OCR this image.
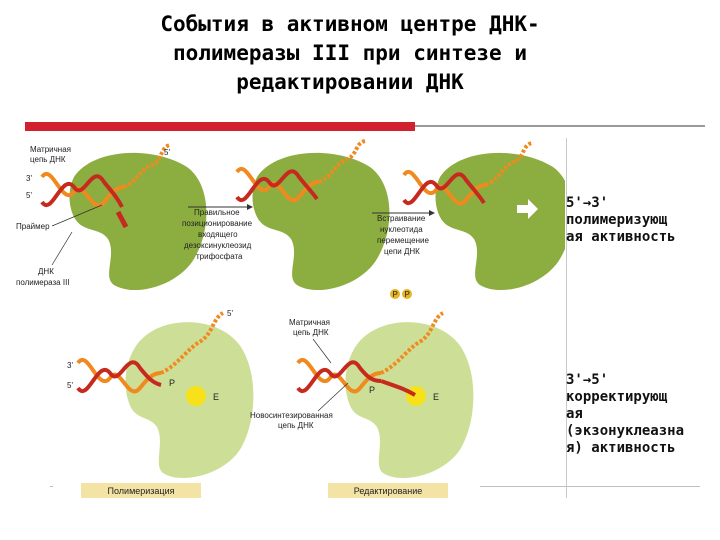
События в активном центре ДНК-
полимеразы III при синтезе и
редактировании ДНК
P P
Матричная
цепь ДНК
5'
3'
5'
Праймер
ДНК
полимераза III
Правильное
позиционирование
входящего
дезоксинуклеозид
трифосфата
Встраивание
нуклеотида
перемещение
цепи ДНК
Полимеризация	Редактирование
5'
3'
5'
Матричная
цепь ДНК
P
E
P
E
Новосинтезированная
цепь ДНК
5'→3'
полимеризующ
ая активность
3'→5'
корректирующ
ая
(экзонуклеазна
я) активность
